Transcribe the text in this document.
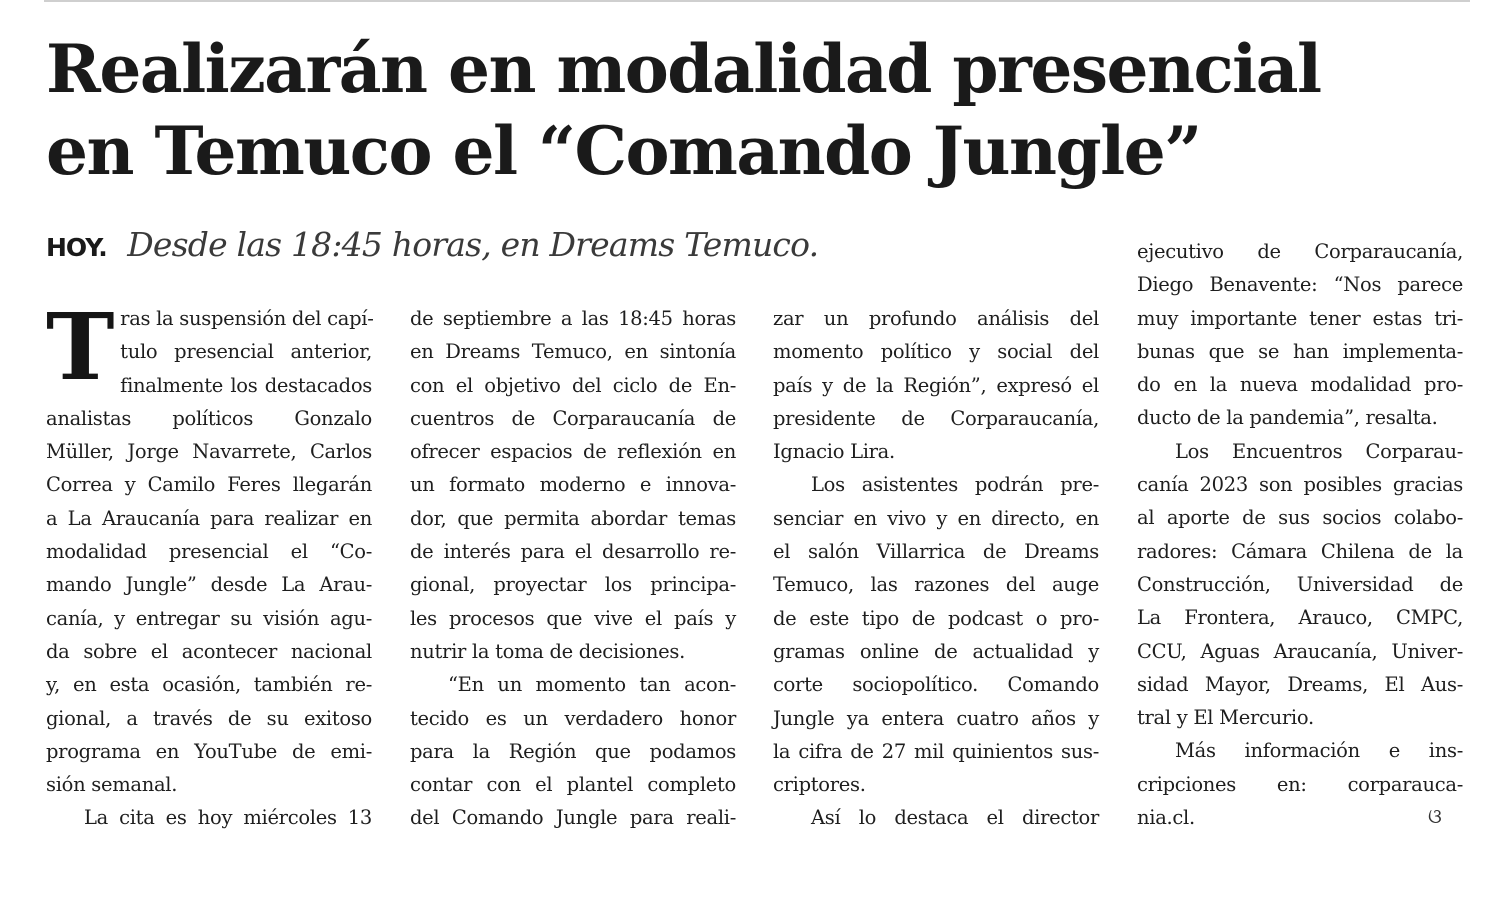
Realizarán en modalidad presencial
en Temuco el “Comando Jungle”
HOY. Desde las 18:45 horas, en Dreams Temuco.
T ras la suspensión del capí-
tulo presencial anterior,
finalmente los destacados
analistas políticos Gonzalo
Müller, Jorge Navarrete, Carlos
Correa y Camilo Feres llegarán
a La Araucanía para realizar en
modalidad presencial el “Co-
mando Jungle” desde La Arau-
canía, y entregar su visión agu-
da sobre el acontecer nacional
y, en esta ocasión, también re-
gional, a través de su exitoso
programa en YouTube de emi-
sión semanal.
La cita es hoy miércoles 13
de septiembre a las 18:45 horas
en Dreams Temuco, en sintonía
con el objetivo del ciclo de En-
cuentros de Corparaucanía de
ofrecer espacios de reflexión en
un formato moderno e innova-
dor, que permita abordar temas
de interés para el desarrollo re-
gional, proyectar los principa-
les procesos que vive el país y
nutrir la toma de decisiones.
“En un momento tan acon-
tecido es un verdadero honor
para la Región que podamos
contar con el plantel completo
del Comando Jungle para reali-
zar un profundo análisis del
momento político y social del
país y de la Región”, expresó el
presidente de Corparaucanía,
Ignacio Lira.
Los asistentes podrán pre-
senciar en vivo y en directo, en
el salón Villarrica de Dreams
Temuco, las razones del auge
de este tipo de podcast o pro-
gramas online de actualidad y
corte sociopolítico. Comando
Jungle ya entera cuatro años y
la cifra de 27 mil quinientos sus-
criptores.
Así lo destaca el director
ejecutivo de Corparaucanía,
Diego Benavente: “Nos parece
muy importante tener estas tri-
bunas que se han implementa-
do en la nueva modalidad pro-
ducto de la pandemia”, resalta.
Los Encuentros Corparau-
canía 2023 son posibles gracias
al aporte de sus socios colabo-
radores: Cámara Chilena de la
Construcción, Universidad de
La Frontera, Arauco, CMPC,
CCU, Aguas Araucanía, Univer-
sidad Mayor, Dreams, El Aus-
tral y El Mercurio.
Más información e ins-
cripciones en: corparauca-
nia.cl.	ଓ
